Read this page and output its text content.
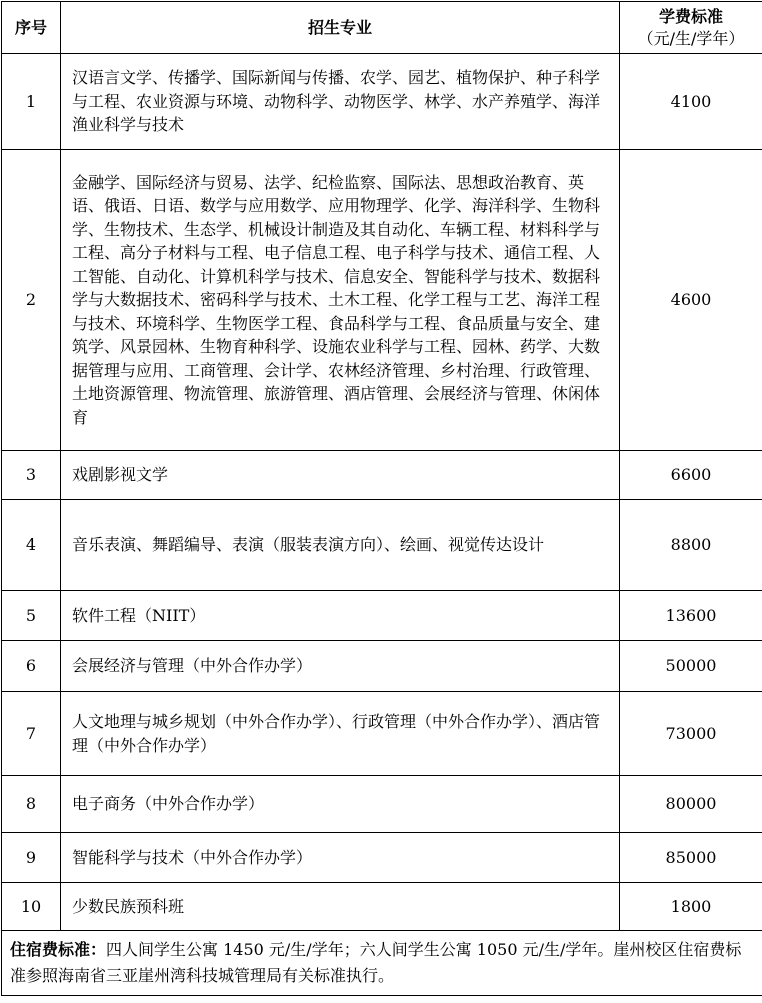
序号	招生专业	学费标准
（元/生/学年）

1	汉语言文学、传播学、国际新闻与传播、农学、园艺、植物保护、种子科学与工程、农业资源与环境、动物科学、动物医学、林学、水产养殖学、海洋渔业科学与技术	4100
2	金融学、国际经济与贸易、法学、纪检监察、国际法、思想政治教育、英语、俄语、日语、数学与应用数学、应用物理学、化学、海洋科学、生物科学、生物技术、生态学、机械设计制造及其自动化、车辆工程、材料科学与工程、高分子材料与工程、电子信息工程、电子科学与技术、通信工程、人工智能、自动化、计算机科学与技术、信息安全、智能科学与技术、数据科学与大数据技术、密码科学与技术、土木工程、化学工程与工艺、海洋工程与技术、环境科学、生物医学工程、食品科学与工程、食品质量与安全、建筑学、风景园林、生物育种科学、设施农业科学与工程、园林、药学、大数据管理与应用、工商管理、会计学、农林经济管理、乡村治理、行政管理、土地资源管理、物流管理、旅游管理、酒店管理、会展经济与管理、休闲体育	4600
3	戏剧影视文学	6600
4	音乐表演、舞蹈编导、表演（服装表演方向）、绘画、视觉传达设计	8800
5	软件工程（NIIT）	13600
6	会展经济与管理（中外合作办学）	50000
7	人文地理与城乡规划（中外合作办学）、行政管理（中外合作办学）、酒店管理（中外合作办学）	73000
8	电子商务（中外合作办学）	80000
9	智能科学与技术（中外合作办学）	85000
10	少数民族预科班	1800
住宿费标准：四人间学生公寓 1450 元/生/学年；六人间学生公寓 1050 元/生/学年。崖州校区住宿费标准参照海南省三亚崖州湾科技城管理局有关标准执行。		
